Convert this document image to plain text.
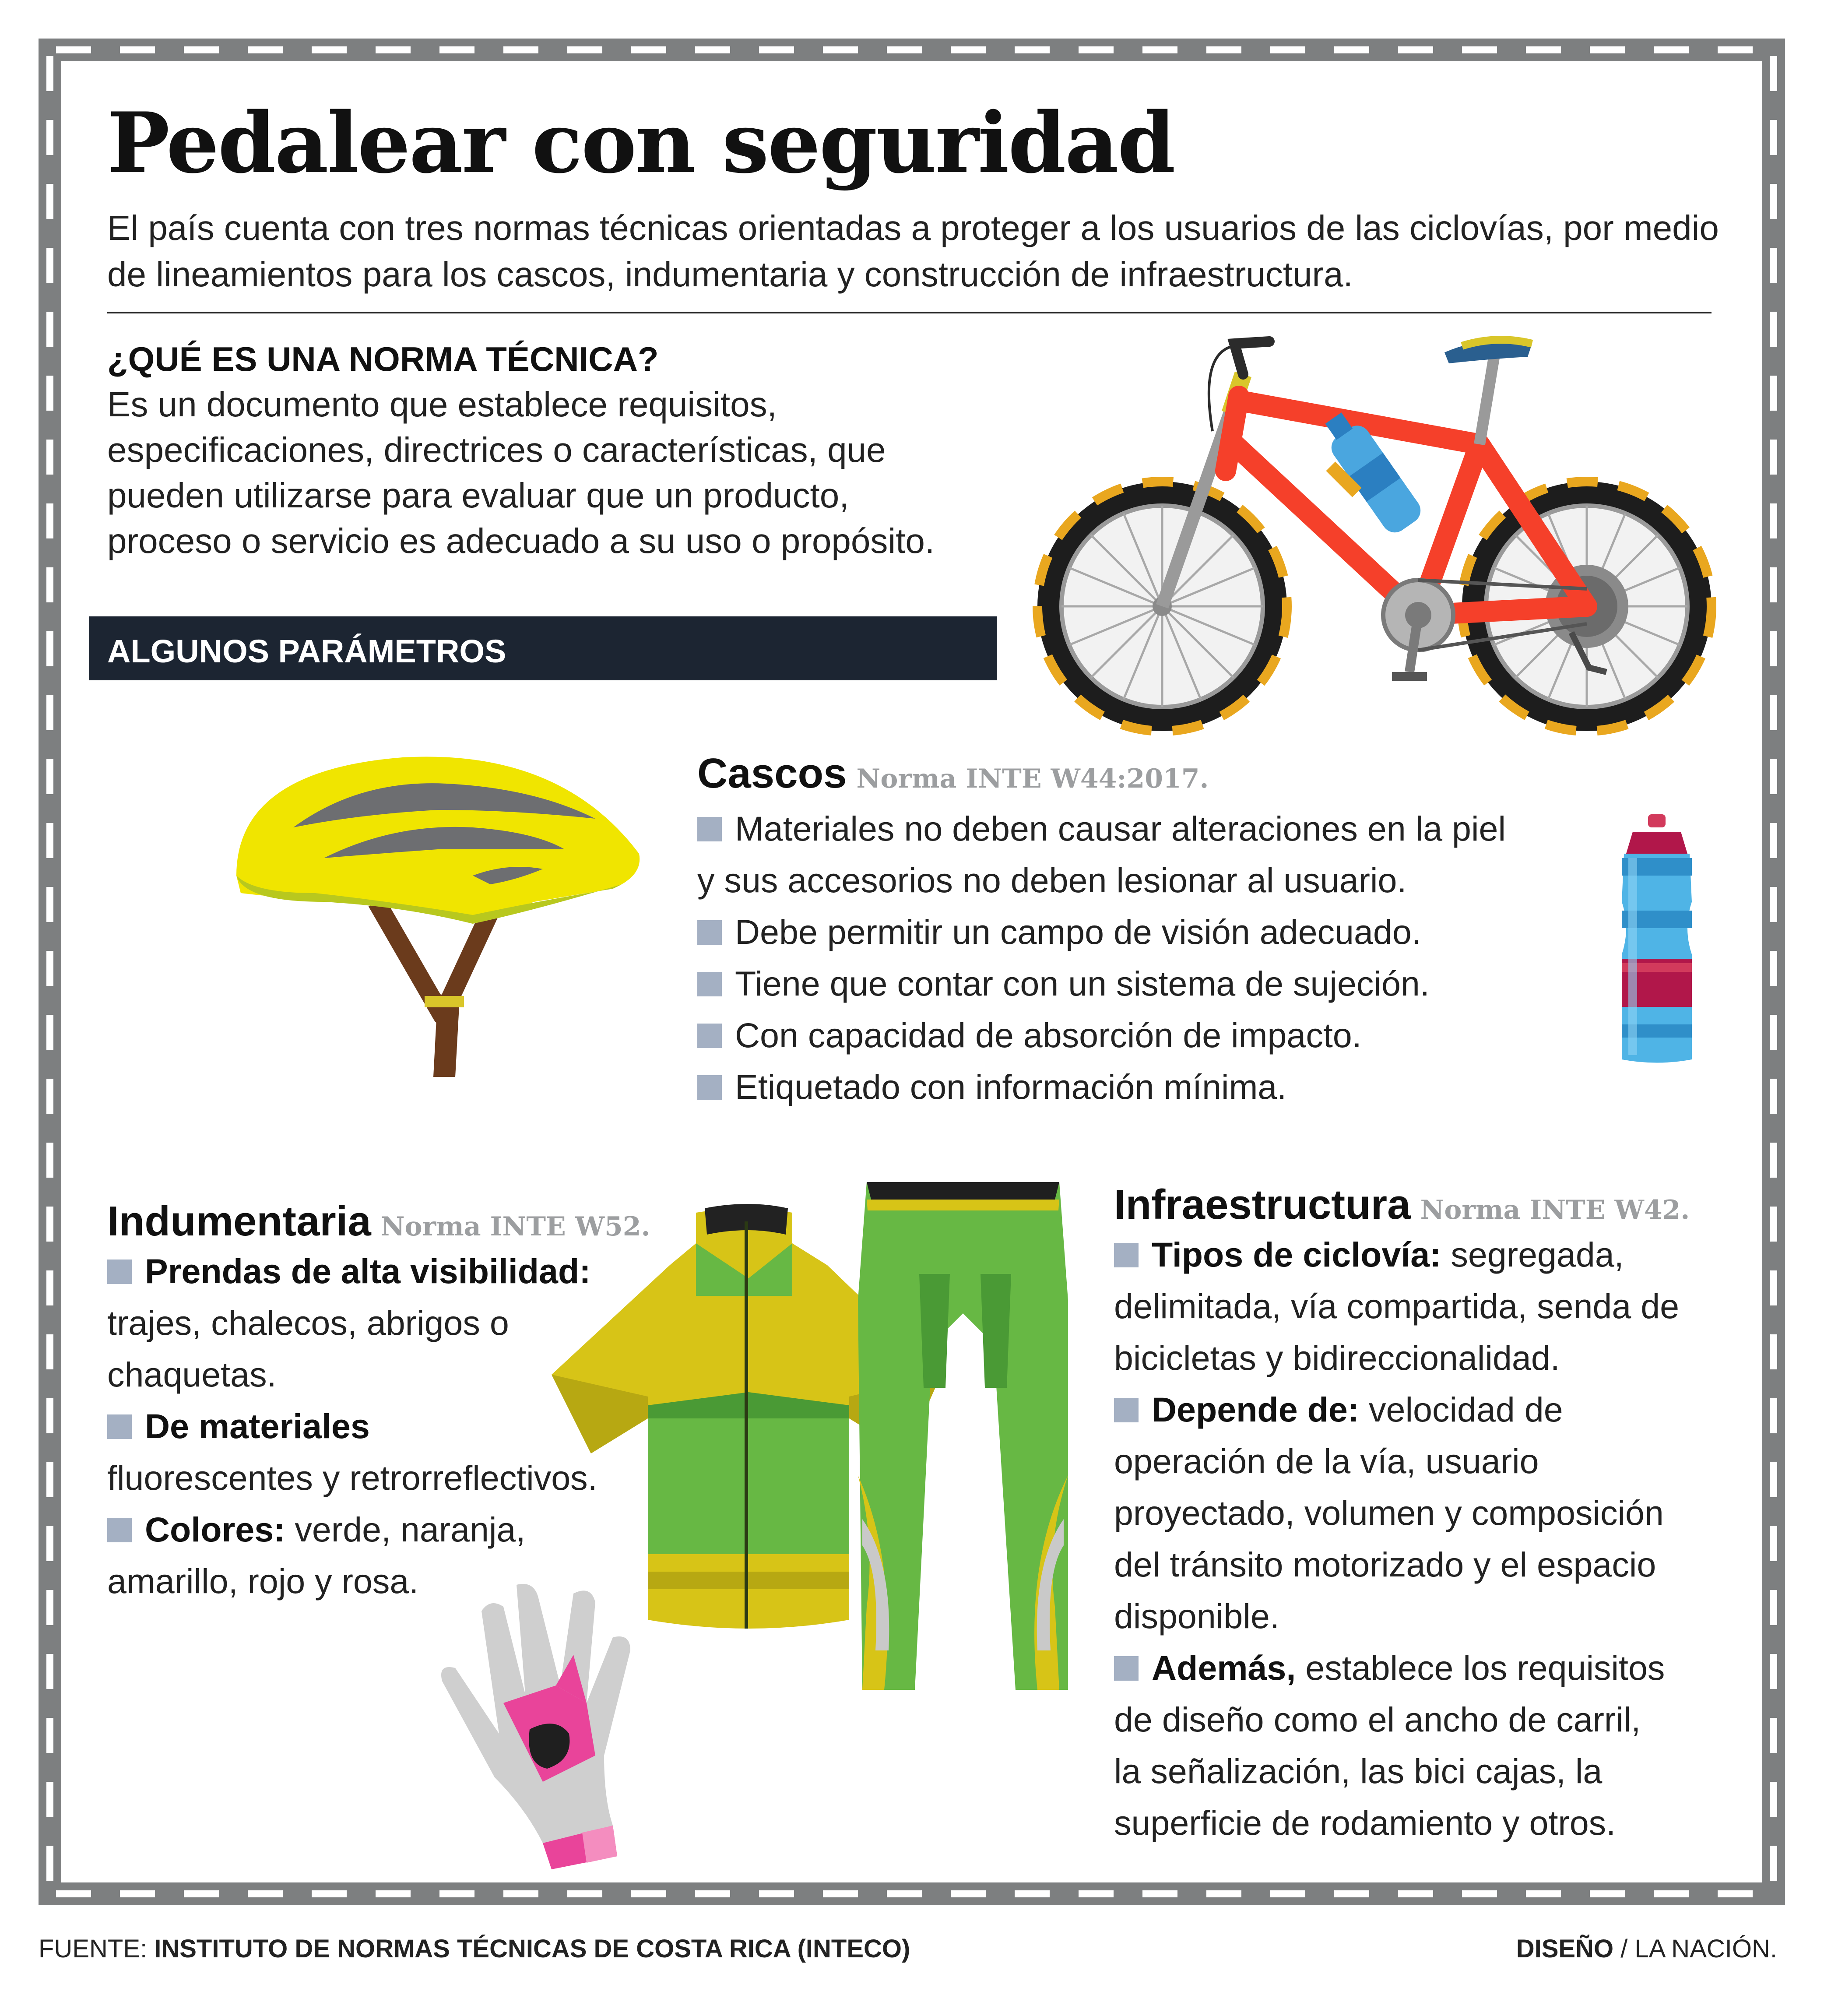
Pedalear con seguridad
El país cuenta con tres normas técnicas orientadas a proteger a los usuarios de las ciclovías, por medio de lineamientos para los cascos, indumentaria y construcción de infraestructura.
¿QUÉ ES UNA NORMA TÉCNICA?
Es un documento que establece requisitos,
especificaciones, directrices o características, que
pueden utilizarse para evaluar que un producto,
proceso o servicio es adecuado a su uso o propósito.
ALGUNOS PARÁMETROS
Cascos Norma INTE W44:2017.
Materiales no deben causar alteraciones en la piel
y sus accesorios no deben lesionar al usuario.
Debe permitir un campo de visión adecuado.
Tiene que contar con un sistema de sujeción.
Con capacidad de absorción de impacto.
Etiquetado con información mínima.
Indumentaria Norma INTE W52.
Prendas de alta visibilidad:
trajes, chalecos, abrigos o
chaquetas.
De materiales
fluorescentes y retrorreflectivos.
Colores: verde, naranja,
amarillo, rojo y rosa.
Infraestructura Norma INTE W42.
Tipos de ciclovía: segregada,
delimitada, vía compartida, senda de
bicicletas y bidireccionalidad.
Depende de: velocidad de
operación de la vía, usuario
proyectado, volumen y composición
del tránsito motorizado y el espacio
disponible.
Además, establece los requisitos
de diseño como el ancho de carril,
la señalización, las bici cajas, la
superficie de rodamiento y otros.
FUENTE: INSTITUTO DE NORMAS TÉCNICAS DE COSTA RICA (INTECO)	DISEÑO / LA NACIÓN.
